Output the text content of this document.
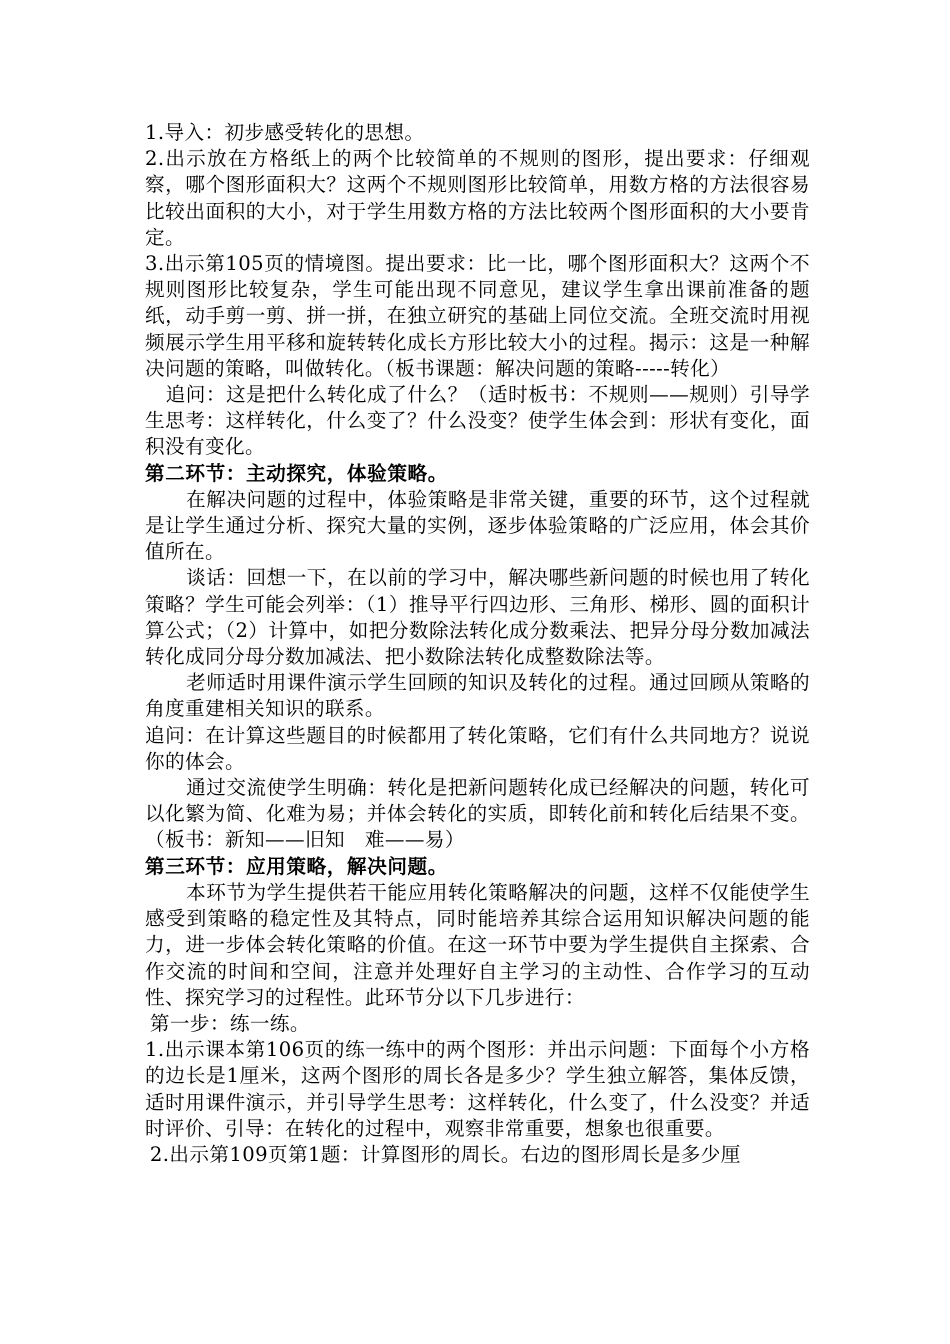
1.导入：初步感受转化的思想。

2.出示放在方格纸上的两个比较简单的不规则的图形，提出要求：仔细观察，哪个图形面积大？这两个不规则图形比较简单，用数方格的方法很容易比较出面积的大小，对于学生用数方格的方法比较两个图形面积的大小要肯定。

3.出示第105页的情境图。提出要求：比一比，哪个图形面积大？这两个不规则图形比较复杂，学生可能出现不同意见，建议学生拿出课前准备的题纸，动手剪一剪、拼一拼，在独立研究的基础上同位交流。全班交流时用视频展示学生用平移和旋转转化成长方形比较大小的过程。揭示：这是一种解决问题的策略，叫做转化。（板书课题：解决问题的策略-----转化）

追问：这是把什么转化成了什么？（适时板书：不规则——规则）引导学生思考：这样转化，什么变了？什么没变？使学生体会到：形状有变化，面积没有变化。

第二环节：主动探究，体验策略。

在解决问题的过程中，体验策略是非常关键，重要的环节，这个过程就是让学生通过分析、探究大量的实例，逐步体验策略的广泛应用，体会其价值所在。

谈话：回想一下，在以前的学习中，解决哪些新问题的时候也用了转化策略？学生可能会列举：（1）推导平行四边形、三角形、梯形、圆的面积计算公式；（2）计算中，如把分数除法转化成分数乘法、把异分母分数加减法转化成同分母分数加减法、把小数除法转化成整数除法等。

老师适时用课件演示学生回顾的知识及转化的过程。通过回顾从策略的角度重建相关知识的联系。

追问：在计算这些题目的时候都用了转化策略，它们有什么共同地方？说说你的体会。

通过交流使学生明确：转化是把新问题转化成已经解决的问题，转化可以化繁为简、化难为易；并体会转化的实质，即转化前和转化后结果不变。（板书：新知——旧知　难——易）

第三环节：应用策略，解决问题。

本环节为学生提供若干能应用转化策略解决的问题，这样不仅能使学生感受到策略的稳定性及其特点，同时能培养其综合运用知识解决问题的能力，进一步体会转化策略的价值。在这一环节中要为学生提供自主探索、合作交流的时间和空间，注意并处理好自主学习的主动性、合作学习的互动性、探究学习的过程性。此环节分以下几步进行：

第一步：练一练。

1.出示课本第106页的练一练中的两个图形：并出示问题：下面每个小方格的边长是1厘米，这两个图形的周长各是多少？学生独立解答，集体反馈，适时用课件演示，并引导学生思考：这样转化，什么变了，什么没变？并适时评价、引导：在转化的过程中，观察非常重要，想象也很重要。

2.出示第109页第1题：计算图形的周长。右边的图形周长是多少厘
